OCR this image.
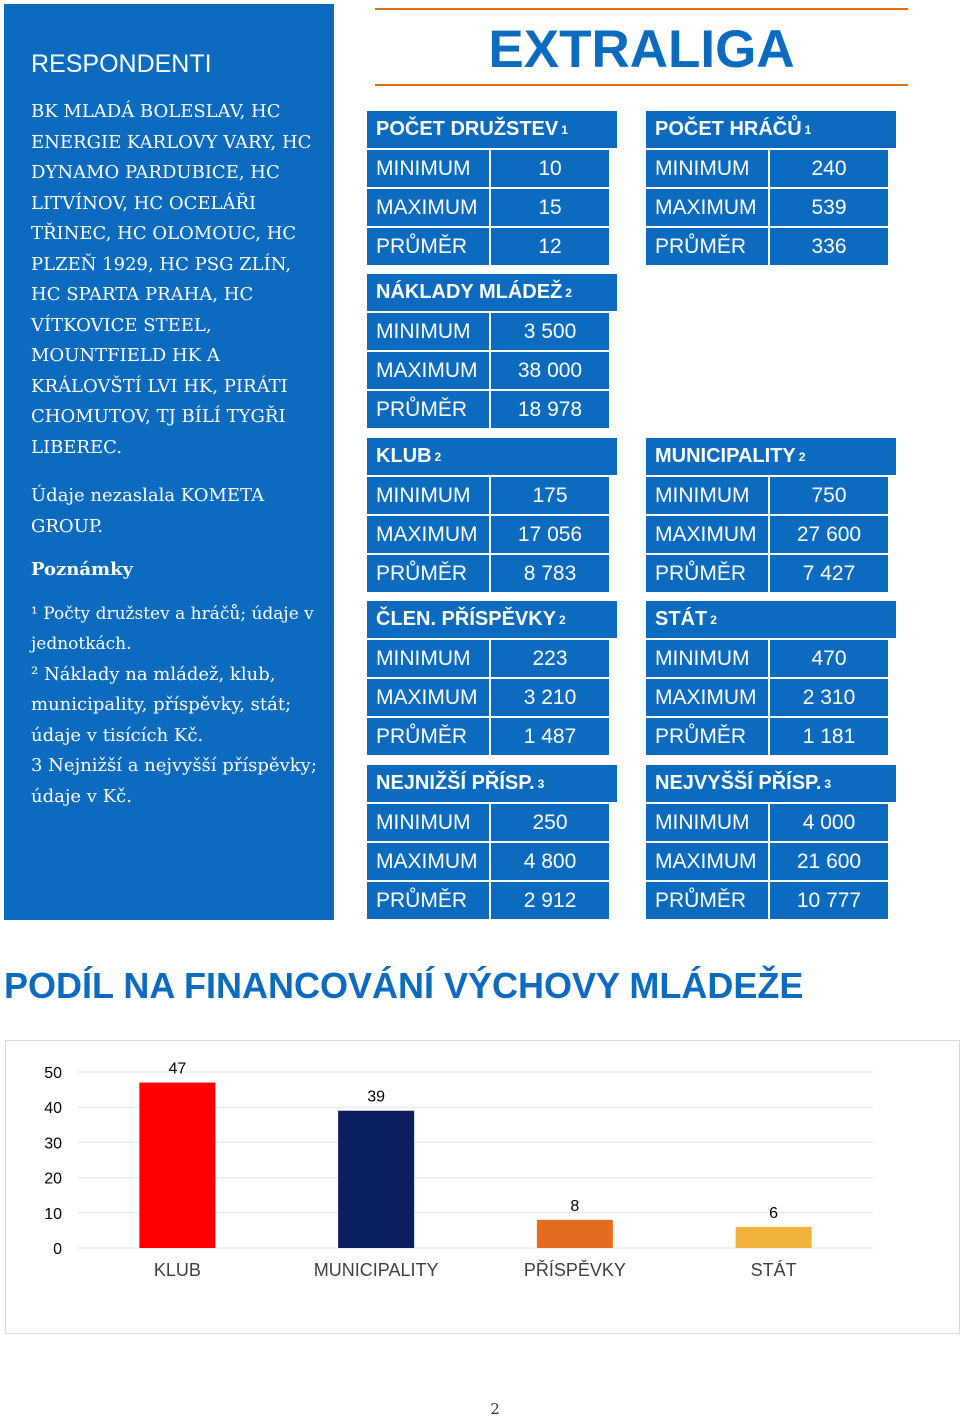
RESPONDENTI

BK MLADÁ BOLESLAV, HC ENERGIE KARLOVY VARY, HC DYNAMO PARDUBICE, HC LITVÍNOV, HC OCELÁŘI TŘINEC, HC OLOMOUC, HC PLZEŇ 1929, HC PSG ZLÍN, HC SPARTA PRAHA, HC VÍTKOVICE STEEL, MOUNTFIELD HK A KRÁLOVŠTÍ LVI HK, PIRÁTI CHOMUTOV, TJ BÍLÍ TYGŘI LIBEREC.

Údaje nezaslala KOMETA GROUP.

Poznámky

¹ Počty družstev a hráčů; údaje v jednotkách.

² Náklady na mládež, klub, municipality, příspěvky, stát; údaje v tisících Kč.

3 Nejnižší a nejvyšší příspěvky; údaje v Kč.

EXTRALIGA
POČET DRUŽSTEV 1
MINIMUM	10
MAXIMUM	15
PRŮMĚR	12
POČET HRÁČŮ 1
MINIMUM	240
MAXIMUM	539
PRŮMĚR	336
NÁKLADY MLÁDEŽ 2
MINIMUM	3 500
MAXIMUM	38 000
PRŮMĚR	18 978
KLUB 2
MINIMUM	175
MAXIMUM	17 056
PRŮMĚR	8 783
MUNICIPALITY 2
MINIMUM	750
MAXIMUM	27 600
PRŮMĚR	7 427
ČLEN. PŘÍSPĚVKY 2
MINIMUM	223
MAXIMUM	3 210
PRŮMĚR	1 487
STÁT 2
MINIMUM	470
MAXIMUM	2 310
PRŮMĚR	1 181
NEJNIŽŠÍ PŘÍSP. 3
MINIMUM	250
MAXIMUM	4 800
PRŮMĚR	2 912
NEJVYŠŠÍ PŘÍSP. 3
MINIMUM	4 000
MAXIMUM	21 600
PRŮMĚR	10 777
PODÍL NA FINANCOVÁNÍ VÝCHOVY MLÁDEŽE
0
10
20
30
40
50	47
KLUB
39
MUNICIPALITY
8
PŘÍSPĚVKY
6
STÁT
2
